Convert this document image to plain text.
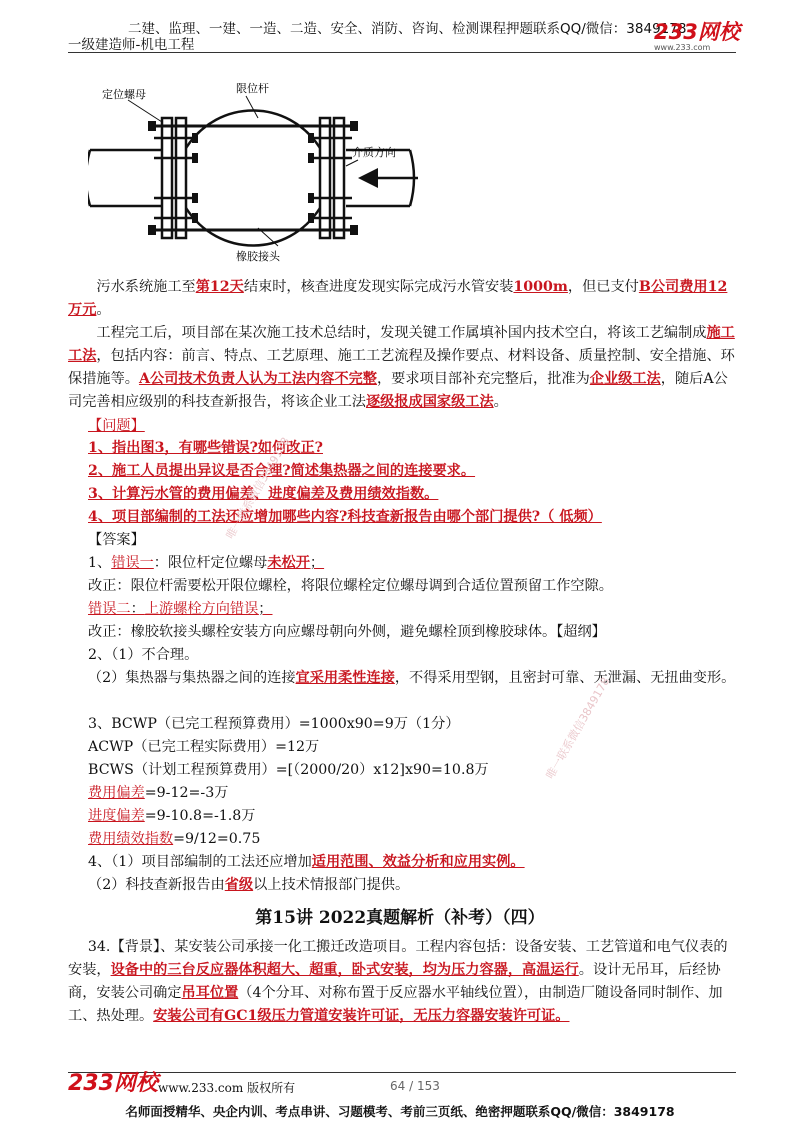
二建、监理、一建、一造、二造、安全、消防、咨询、检测课程押题联系QQ/微信：3849178
一级建造师-机电工程
233网校
www.233.com
定位螺母	限位杆
介质方向
橡胶接头
污水系统施工至第12天结束时，核查进度发现实际完成污水管安装1000m，但已支付B公司费用12万元。
工程完工后，项目部在某次施工技术总结时，发现关键工作属填补国内技术空白，将该工艺编制成施工工法，包括内容：前言、特点、工艺原理、施工工艺流程及操作要点、材料设备、质量控制、安全措施、环保措施等。A公司技术负责人认为工法内容不完整，要求项目部补充完整后，批准为企业级工法，随后A公司完善相应级别的科技查新报告，将该企业工法逐级报成国家级工法。
【问题】
1、指出图3，有哪些错误?如何改正?
2、施工人员提出异议是否合理?简述集热器之间的连接要求。
3、计算污水管的费用偏差、进度偏差及费用绩效指数。
4、项目部编制的工法还应增加哪些内容?科技查新报告由哪个部门提供?（ 低频）
【答案】
1、错误一：限位杆定位螺母未松开；
改正：限位杆需要松开限位螺栓，将限位螺栓定位螺母调到合适位置预留工作空隙。
错误二：上游螺栓方向错误；
改正：橡胶软接头螺栓安装方向应螺母朝向外侧，避免螺栓顶到橡胶球体。【超纲】
2、（1）不合理。
（2）集热器与集热器之间的连接宜采用柔性连接，不得采用型钢，且密封可靠、无泄漏、无扭曲变形。
3、BCWP（已完工程预算费用）=1000x90=9万（1分）
ACWP（已完工程实际费用）=12万
BCWS（计划工程预算费用）=[（2000/20）x12]x90=10.8万
费用偏差=9-12=-3万
进度偏差=9-10.8=-1.8万
费用绩效指数=9/12=0.75
4、（1）项目部编制的工法还应增加适用范围、效益分析和应用实例。
（2）科技查新报告由省级以上技术情报部门提供。
第15讲 2022真题解析（补考）（四）
34.【背景】、某安装公司承接一化工搬迁改造项目。工程内容包括：设备安装、工艺管道和电气仪表的安装，设备中的三台反应器体积超大、超重，卧式安装，均为压力容器，高温运行。设计无吊耳，后经协商，安装公司确定吊耳位置（4个分耳、对称布置于反应器水平轴线位置），由制造厂随设备同时制作、加工、热处理。安装公司有GC1级压力管道安装许可证，无压力容器安装许可证。
唯一联系微信3849178
唯一联系微信3849178
233网校 www.233.com 版权所有	64 / 153
名师面授精华、央企内训、考点串讲、习题模考、考前三页纸、绝密押题联系QQ/微信：3849178
